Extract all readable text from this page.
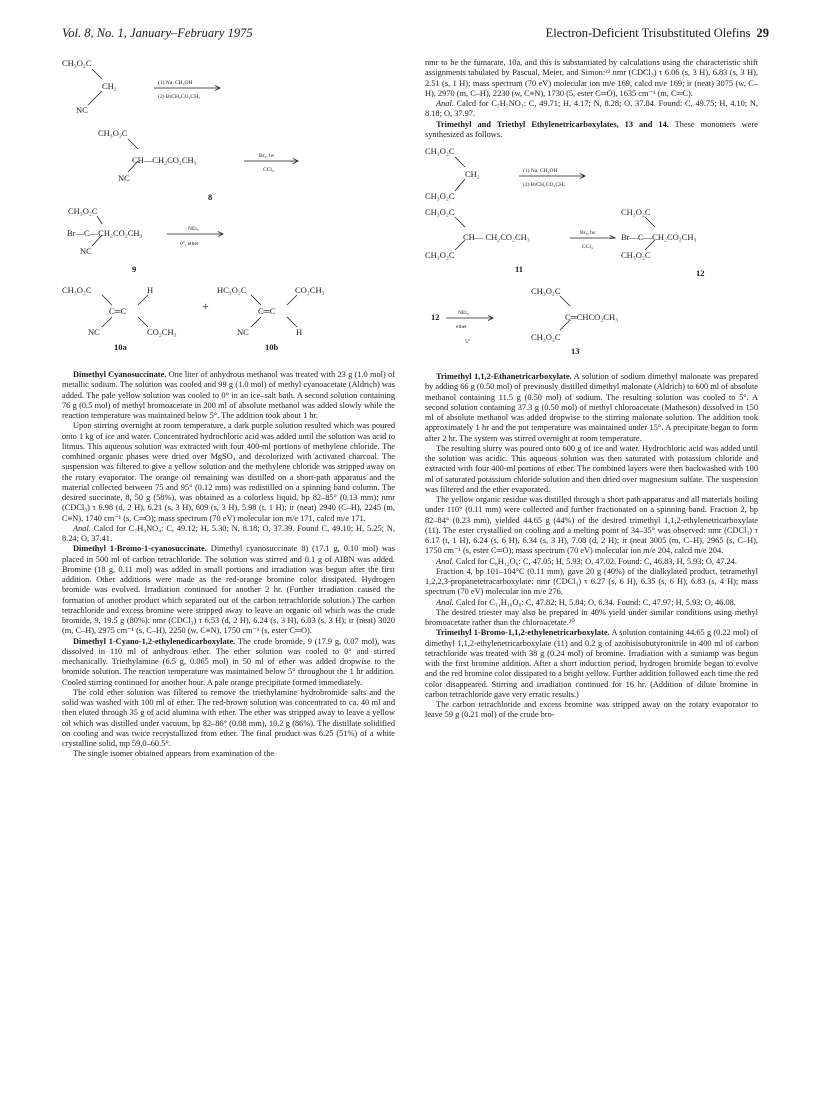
Vol. 8, No. 1, January–February 1975	Electron-Deficient Trisubstituted Olefins 29
CH₃O₂C
CH₂
NC
(1) Na, CH₃OH
(2) BrCH₂CO₂CH₃
CH₃O₂C
CH—CH₂CO₂CH₃
NC
Br₂, hν
CCl₄
8
CH₃O₂C
Br—C—CH₂CO₂CH₃
NC
NEt₃
0°, ether
9
CH₃O₂C	H
C═C
NC	CO₂CH₃
+
HC₃O₂C	CO₂CH₃
C═C
NC	H
10a	10b

Dimethyl Cyanosuccinate. One liter of anhydrous methanol was treated with 23 g (1.0 mol) of metallic sodium. The solution was cooled and 99 g (1.0 mol) of methyl cyanoacetate (Aldrich) was added. The pale yellow solution was cooled to 0° in an ice–salt bath. A second solution containing 76 g (0.5 mol) of methyl bromoacetate in 200 ml of absolute methanol was added slowly while the reaction temperature was maintained below 5°. The addition took about 1 hr.

Upon stirring overnight at room temperature, a dark purple solution resulted which was poured onto 1 kg of ice and water. Concentrated hydrochloric acid was added until the solution was acid to litmus. This aqueous solution was extracted with four 400-ml portions of methylene chloride. The combined organic phases were dried over MgSO₄ and decolorized with activated charcoal. The suspension was filtered to give a yellow solution and the methylene chloride was stripped away on the rotary evaporator. The orange oil remaining was distilled on a short-path apparatus and the material collected between 75 and 95° (0.12 mm) was redistilled on a spinning band column. The desired succinate, 8, 50 g (58%), was obtained as a colorless liquid, bp 82–85° (0.13 mm); nmr (CDCl₃) τ 6.98 (d, 2 H), 6.21 (s, 3 H), 609 (s, 3 H), 5.98 (t, 1 H); ir (neat) 2940 (C–H), 2245 (m, C≡N), 1740 cm⁻¹ (s, C═O); mass spectrum (70 eV) molecular ion m/e 171, calcd m/e 171.

Anal. Calcd for C₇H₉NO₄: C, 49.12; H, 5.30; N, 8.18; O, 37.39. Found C, 49.10; H, 5.25; N, 8.24; O, 37.41.

Dimethyl 1-Bromo-1-cyanosuccinate. Dimethyl cyanosuccinate 8) (17.1 g, 0.10 mol) was placed in 500 ml of carbon tetrachloride. The solution was stirred and 0.1 g of AIBN was added. Bromine (18 g, 0.11 mol) was added in small portions and irradiation was begun after the first addition. Other additions were made as the red-orange bromine color dissipated. Hydrogen bromide was evolved. Irradiation continued for another 2 hr. (Further irradiation caused the formation of another product which separated out of the carbon tetrachloride solution.) The carbon tetrachloride and excess bromine were stripped away to leave an organic oil which was the crude bromide, 9, 19.5 g (80%): nmr (CDCl₃) τ 6.53 (d, 2 H), 6.24 (s, 3 H), 6.03 (s, 3 H); ir (neat) 3020 (m, C–H), 2975 cm⁻¹ (s, C–H), 2250 (w, C≡N), 1750 cm⁻¹ (s, ester C═O).

Dimethyl 1-Cyano-1,2-ethylenedicarboxylate. The crude bromide, 9 (17.9 g, 0.07 mol), was dissolved in 110 ml of anhydrous ether. The ether solution was cooled to 0° and stirred mechanically. Triethylamine (6.5 g, 0.065 mol) in 50 ml of ether was added dropwise to the bromide solution. The reaction temperature was maintained below 5° throughout the 1 hr addition. Cooled stirring continued for another hour. A pale orange precipitate formed immediately.

The cold ether solution was filtered to remove the triethylamine hydrobromide salts and the solid was washed with 100 ml of ether. The red-brown solution was concentrated to ca. 40 ml and then eluted through 35 g of acid alumina with ether. The ether was stripped away to leave a yellow oil which was distilled under vacuum, bp 82–86° (0.08 mm), 10.2 g (86%). The distillate solidified on cooling and was twice recrystallized from ether. The final product was 6.25 (51%) of a white crystalline solid, mp 59.0–60.5°.

The single isomer obtained appears from examination of the

nmr to be the fumarate, 10a, and this is substantiated by calculations using the characteristic shift assignments tabulated by Pascual, Meier, and Simon:²² nmr (CDCl₃) τ 6.06 (s, 3 H), 6.83 (s, 3 H), 2.51 (s, 1 H); mass spectrum (70 eV) molecular ion m/e 169, calcd m/e 169; ir (neat) 3075 (w, C–H), 2970 (m, C–H), 2230 (w, C≡N), 1730 (5, ester C═O), 1635 cm⁻¹ (m, C═C).

Anal. Calcd for C₇H₇NO₃: C, 49.71; H, 4.17; N, 8.28; O, 37.84. Found: C, 49.75; H, 4.10; N, 8.18; O, 37.97.

Trimethyl and Triethyl Ethylenetricarboxylates, 13 and 14. These monomers were synthesized as follows.

CH₃O₂C
CH₂
CH₃O₂C
(1) Na, CH₃OH
(2) BrCH₂CO₂CH₃
CH₃O₂C
CH— CH₂CO₂CH₃
CH₃O₂C
Br₂, hν
CCl₄
CH₃O₂C
Br—C—CH₂CO₂CH₃
CH₃O₂C
11	12
12	NEt₃
ether
5°
CH₃O₂C
C═CHCO₂CH₃
CH₃O₂C
13

Trimethyl 1,1,2-Ethanetricarboxylate. A solution of sodium dimethyl malonate was prepared by adding 66 g (0.50 mol) of previously distilled dimethyl malonate (Aldrich) to 600 ml of absolute methanol containing 11.5 g (0.50 mol) of sodium. The resulting solution was cooled to 5°. A second solution containing 37.3 g (0.50 mol) of methyl chloroacetate (Matheson) dissolved in 150 ml of absolute methanol was added dropwise to the stirring malonate solution. The addition took approximately 1 hr and the pot temperature was maintained under 15°. A precipitate began to form after 2 hr. The system was stirred overnight at room temperature.

The resulting slurry was poured onto 600 g of ice and water. Hydrochloric acid was added until the solution was acidic. This aqueous solution was then saturated with potassium chloride and extracted with four 400-ml portions of ether. The combined layers were then backwashed with 100 ml of saturated potassium chloride solution and then dried over magnesium sulfate. The suspension was filtered and the ether evaporated.

The yellow organic residue was distilled through a short path apparatus and all materials boiling under 110° (0.11 mm) were collected and further fractionated on a spinning band. Fraction 2, bp 82–84° (0.23 mm), yielded 44.65 g (44%) of the desired trimethyl 1,1,2-ethylenetricarboxylate (11). The ester crystallied on cooling and a melting point of 34–35° was observed: nmr (CDCl₃) τ 6.17 (t, 1 H), 6.24 (s, 6 H), 6.34 (s, 3 H), 7.08 (d, 2 H); ir (neat 3005 (m, C–H), 2965 (s, C–H), 1750 cm⁻¹ (s, ester C═O); mass spectrum (70 eV) molecular ion m/e 204, calcd m/e 204.

Anal. Calcd for C₈H₁₂O₆: C, 47.05; H, 5.93; O, 47.02. Found: C, 46.83, H, 5.93; O, 47.24.

Fraction 4, bp 101–104°C (0.11 mm), gave 20 g (40%) of the dialkylated product, tetramethyl 1,2,2,3-propanetetracarboxylate: nmr (CDCl₃) τ 6.27 (s, 6 H), 6.35 (s, 6 H), 6.83 (s, 4 H); mass spectrum (70 eV) molecular ion m/e 276.

Anal. Calcd for C₁₁H₁₆O₈: C, 47.82; H, 5.84; O, 6.34. Found: C, 47.97; H, 5.93; O, 46.08.

The desired triester may also be prepared in 40% yield under similar conditions using methyl bromoacetate rather than the chloroacetate.²⁰

Trimethyl 1-Bromo-1,1,2-ethylenetricarboxylate. A solution containing 44.65 g (0.22 mol) of dimethyl 1,1,2-ethylenetricarboxylate (11) and 0.2 g of azobisisobutyronitrile in 400 ml of carbon tetrachloride was treated with 38 g (0.24 mol) of bromine. Irradiation with a suniamp was begun with the first bromine addition. After a short induction period, hydrogen bromide began to evolve and the red bromine color dissipated to a bright yellow. Further addition followed each time the red color disappeared. Stirring and irradiation continued for 16 hr. (Addition of dilute bromine in carbon tetrachloride gave very erratic results.)

The carbon tetrachloride and excess bromine was stripped away on the rotary evaporator to leave 59 g (0.21 mol) of the crude bro-
